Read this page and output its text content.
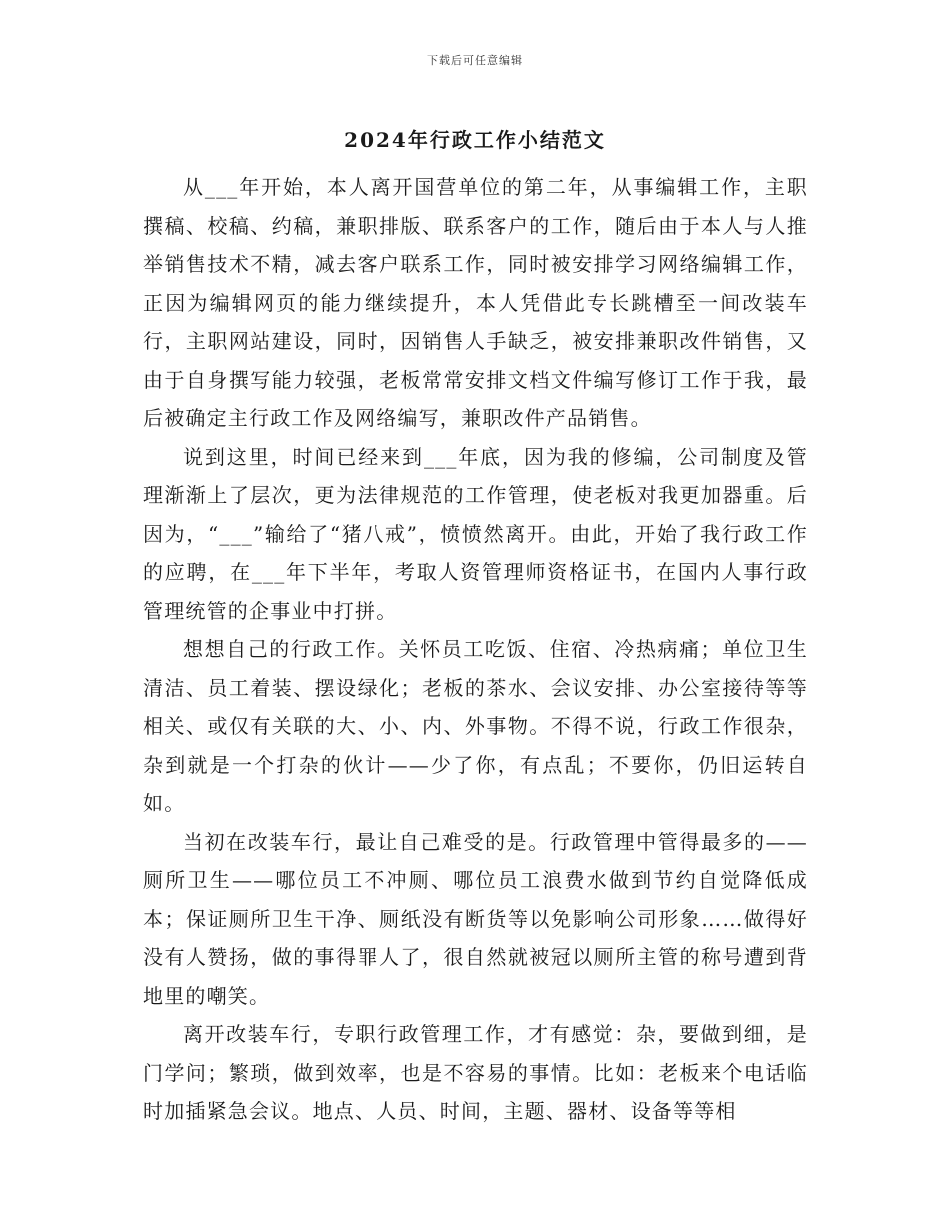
下载后可任意编辑
2024年行政工作小结范文

从___年开始，本人离开国营单位的第二年，从事编辑工作，主职撰稿、校稿、约稿，兼职排版、联系客户的工作，随后由于本人与人推举销售技术不精，减去客户联系工作，同时被安排学习网络编辑工作，正因为编辑网页的能力继续提升，本人凭借此专长跳槽至一间改装车行，主职网站建设，同时，因销售人手缺乏，被安排兼职改件销售，又由于自身撰写能力较强，老板常常安排文档文件编写修订工作于我，最后被确定主行政工作及网络编写，兼职改件产品销售。

说到这里，时间已经来到___年底，因为我的修编，公司制度及管理渐渐上了层次，更为法律规范的工作管理，使老板对我更加器重。后因为，“___”输给了“猪八戒”，愤愤然离开。由此，开始了我行政工作的应聘，在___年下半年，考取人资管理师资格证书，在国内人事行政管理统管的企事业中打拼。

想想自己的行政工作。关怀员工吃饭、住宿、冷热病痛；单位卫生清洁、员工着装、摆设绿化；老板的茶水、会议安排、办公室接待等等相关、或仅有关联的大、小、内、外事物。不得不说，行政工作很杂，杂到就是一个打杂的伙计——少了你，有点乱；不要你，仍旧运转自如。

当初在改装车行，最让自己难受的是。行政管理中管得最多的——厕所卫生——哪位员工不冲厕、哪位员工浪费水做到节约自觉降低成本；保证厕所卫生干净、厕纸没有断货等以免影响公司形象……做得好没有人赞扬，做的事得罪人了，很自然就被冠以厕所主管的称号遭到背地里的嘲笑。

离开改装车行，专职行政管理工作，才有感觉：杂，要做到细，是门学问；繁琐，做到效率，也是不容易的事情。比如：老板来个电话临时加插紧急会议。地点、人员、时间，主题、器材、设备等等相
